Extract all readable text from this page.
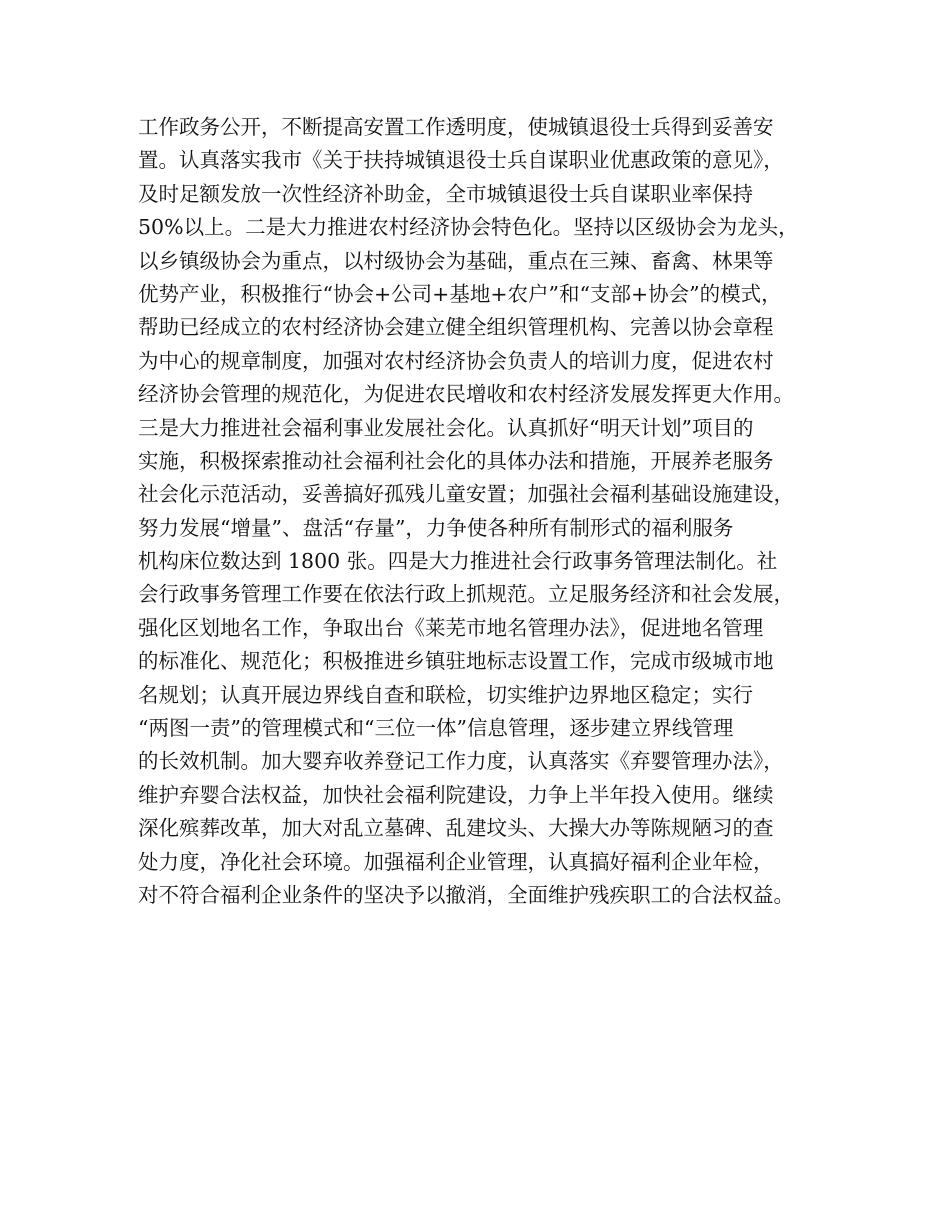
工作政务公开，不断提高安置工作透明度，使城镇退役士兵得到妥善安
置。认真落实我市《关于扶持城镇退役士兵自谋职业优惠政策的意见》，
及时足额发放一次性经济补助金，全市城镇退役士兵自谋职业率保持
50%以上。二是大力推进农村经济协会特色化。坚持以区级协会为龙头，
以乡镇级协会为重点，以村级协会为基础，重点在三辣、畜禽、林果等
优势产业，积极推行“协会+公司+基地+农户”和“支部+协会”的模式，
帮助已经成立的农村经济协会建立健全组织管理机构、完善以协会章程
为中心的规章制度，加强对农村经济协会负责人的培训力度，促进农村
经济协会管理的规范化，为促进农民增收和农村经济发展发挥更大作用。
三是大力推进社会福利事业发展社会化。认真抓好“明天计划”项目的
实施，积极探索推动社会福利社会化的具体办法和措施，开展养老服务
社会化示范活动，妥善搞好孤残儿童安置；加强社会福利基础设施建设，
努力发展“增量”、盘活“存量”，力争使各种所有制形式的福利服务
机构床位数达到 1800 张。四是大力推进社会行政事务管理法制化。社
会行政事务管理工作要在依法行政上抓规范。立足服务经济和社会发展，
强化区划地名工作，争取出台《莱芜市地名管理办法》，促进地名管理
的标准化、规范化；积极推进乡镇驻地标志设置工作，完成市级城市地
名规划；认真开展边界线自查和联检，切实维护边界地区稳定；实行
“两图一责”的管理模式和“三位一体”信息管理，逐步建立界线管理
的长效机制。加大婴弃收养登记工作力度，认真落实《弃婴管理办法》，
维护弃婴合法权益，加快社会福利院建设，力争上半年投入使用。继续
深化殡葬改革，加大对乱立墓碑、乱建坟头、大操大办等陈规陋习的查
处力度，净化社会环境。加强福利企业管理，认真搞好福利企业年检，
对不符合福利企业条件的坚决予以撤消，全面维护残疾职工的合法权益。
